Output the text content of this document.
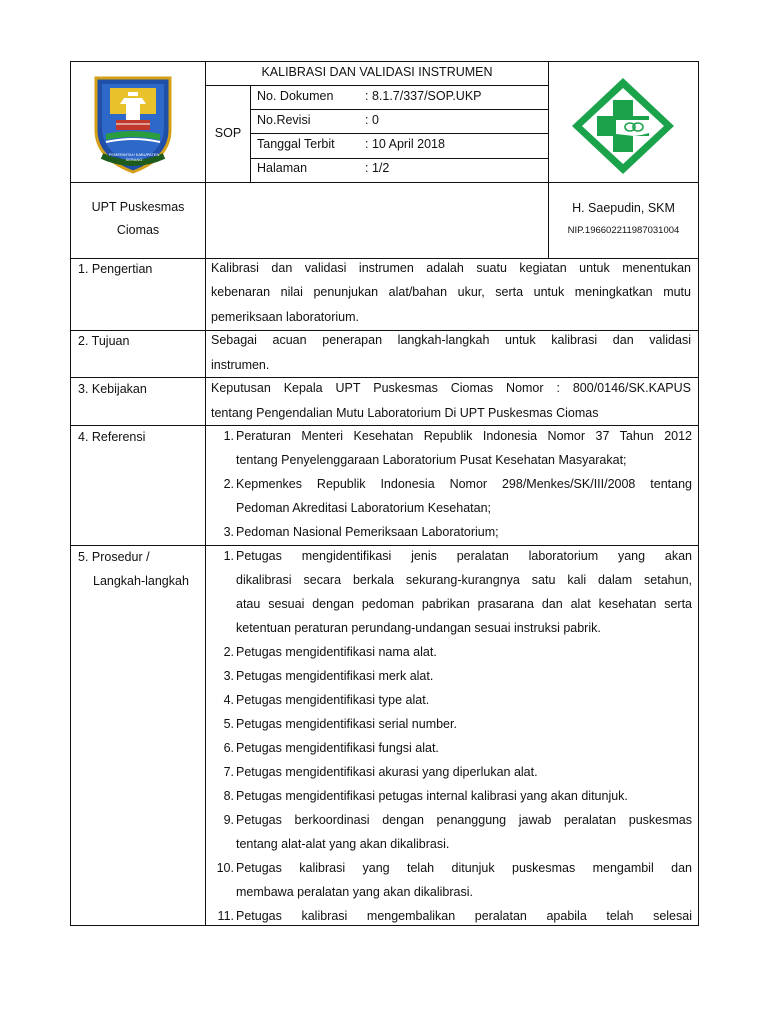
PEMERINTAH KABUPATEN SERANG
KALIBRASI DAN VALIDASI INSTRUMEN
SOP
No. Dokumen	: 8.1.7/337/SOP.UKP
No.Revisi	: 0
Tanggal Terbit : 10 April 2018
Halaman	: 1/2
UPT Puskesmas
Ciomas
H. Saepudin, SKM
NIP.196602211987031004
1. Pengertian	Kalibrasi dan validasi instrumen adalah suatu kegiatan untuk menentukan
kebenaran nilai penunjukan alat/bahan ukur, serta untuk meningkatkan mutu
pemeriksaan laboratorium.
2. Tujuan	Sebagai acuan penerapan langkah-langkah untuk kalibrasi dan validasi
instrumen.
3. Kebijakan	Keputusan Kepala UPT Puskesmas Ciomas Nomor : 800/0146/SK.KAPUS
tentang Pengendalian Mutu Laboratorium Di UPT Puskesmas Ciomas
4. Referensi	1. Peraturan Menteri Kesehatan Republik Indonesia Nomor 37 Tahun 2012
tentang Penyelenggaraan Laboratorium Pusat Kesehatan Masyarakat;
2. Kepmenkes Republik Indonesia Nomor 298/Menkes/SK/III/2008 tentang
Pedoman Akreditasi Laboratorium Kesehatan;
3. Pedoman Nasional Pemeriksaan Laboratorium;
5. Prosedur /
Langkah-langkah
1. Petugas mengidentifikasi jenis peralatan laboratorium yang akan
dikalibrasi secara berkala sekurang-kurangnya satu kali dalam setahun,
atau sesuai dengan pedoman pabrikan prasarana dan alat kesehatan serta
ketentuan peraturan perundang-undangan sesuai instruksi pabrik.
2. Petugas mengidentifikasi nama alat.
3. Petugas mengidentifikasi merk alat.
4. Petugas mengidentifikasi type alat.
5. Petugas mengidentifikasi serial number.
6. Petugas mengidentifikasi fungsi alat.
7. Petugas mengidentifikasi akurasi yang diperlukan alat.
8. Petugas mengidentifikasi petugas internal kalibrasi yang akan ditunjuk.
9. Petugas berkoordinasi dengan penanggung jawab peralatan puskesmas
tentang alat-alat yang akan dikalibrasi.
10. Petugas kalibrasi yang telah ditunjuk puskesmas mengambil dan
membawa peralatan yang akan dikalibrasi.
11. Petugas kalibrasi mengembalikan peralatan apabila telah selesai
